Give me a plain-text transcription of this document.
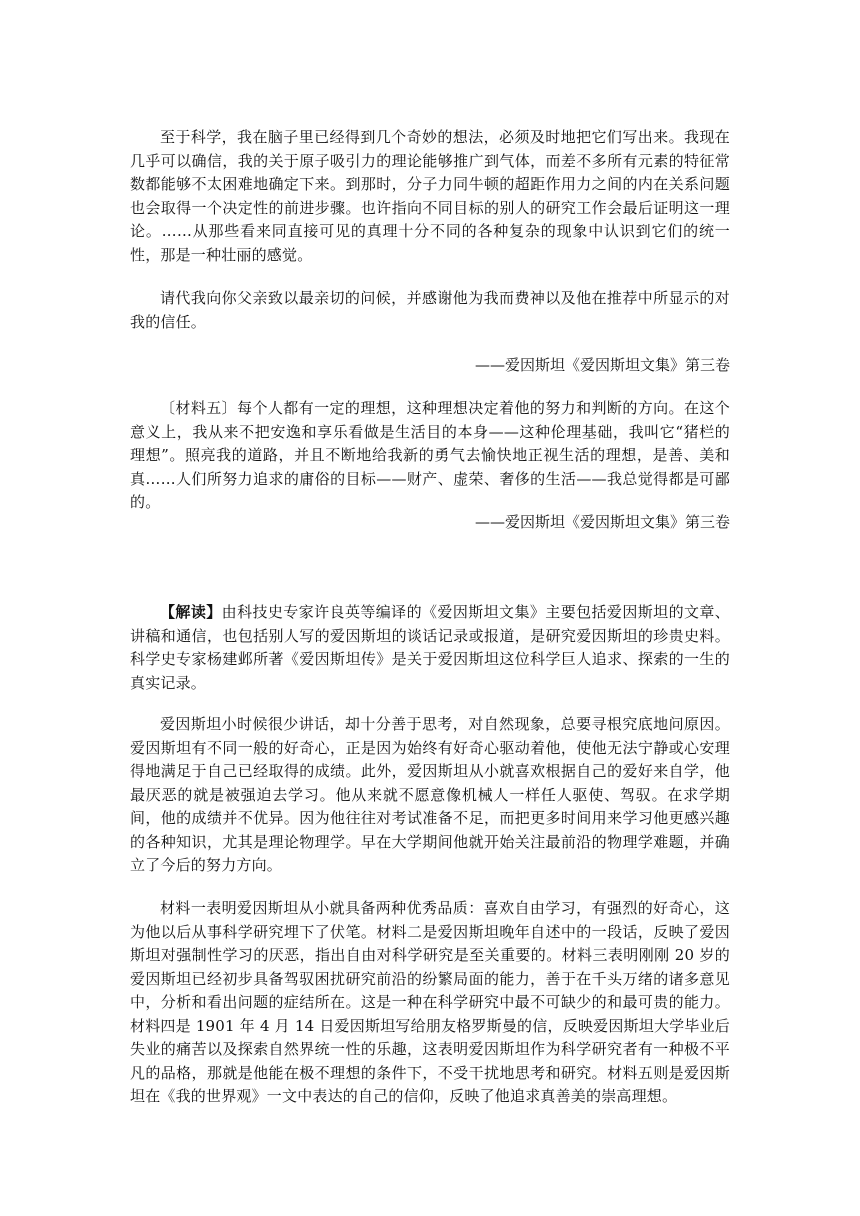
至于科学，我在脑子里已经得到几个奇妙的想法，必须及时地把它们写出来。我现在几乎可以确信，我的关于原子吸引力的理论能够推广到气体，而差不多所有元素的特征常数都能够不太困难地确定下来。到那时，分子力同牛顿的超距作用力之间的内在关系问题也会取得一个决定性的前进步骤。也许指向不同目标的别人的研究工作会最后证明这一理论。……从那些看来同直接可见的真理十分不同的各种复杂的现象中认识到它们的统一性，那是一种壮丽的感觉。

请代我向你父亲致以最亲切的问候，并感谢他为我而费神以及他在推荐中所显示的对我的信任。

——爱因斯坦《爱因斯坦文集》第三卷

〔材料五〕每个人都有一定的理想，这种理想决定着他的努力和判断的方向。在这个意义上，我从来不把安逸和享乐看做是生活目的本身——这种伦理基础，我叫它“猪栏的理想”。照亮我的道路，并且不断地给我新的勇气去愉快地正视生活的理想，是善、美和真……人们所努力追求的庸俗的目标——财产、虚荣、奢侈的生活——我总觉得都是可鄙的。

——爱因斯坦《爱因斯坦文集》第三卷

【解读】由科技史专家许良英等编译的《爱因斯坦文集》主要包括爱因斯坦的文章、讲稿和通信，也包括别人写的爱因斯坦的谈话记录或报道，是研究爱因斯坦的珍贵史料。科学史专家杨建邺所著《爱因斯坦传》是关于爱因斯坦这位科学巨人追求、探索的一生的真实记录。

爱因斯坦小时候很少讲话，却十分善于思考，对自然现象，总要寻根究底地问原因。爱因斯坦有不同一般的好奇心，正是因为始终有好奇心驱动着他，使他无法宁静或心安理得地满足于自己已经取得的成绩。此外，爱因斯坦从小就喜欢根据自己的爱好来自学，他最厌恶的就是被强迫去学习。他从来就不愿意像机械人一样任人驱使、驾驭。在求学期间，他的成绩并不优异。因为他往往对考试准备不足，而把更多时间用来学习他更感兴趣的各种知识，尤其是理论物理学。早在大学期间他就开始关注最前沿的物理学难题，并确立了今后的努力方向。

材料一表明爱因斯坦从小就具备两种优秀品质：喜欢自由学习，有强烈的好奇心，这为他以后从事科学研究埋下了伏笔。材料二是爱因斯坦晚年自述中的一段话，反映了爱因斯坦对强制性学习的厌恶，指出自由对科学研究是至关重要的。材料三表明刚刚 20 岁的爱因斯坦已经初步具备驾驭困扰研究前沿的纷繁局面的能力，善于在千头万绪的诸多意见中，分析和看出问题的症结所在。这是一种在科学研究中最不可缺少的和最可贵的能力。材料四是 1901 年 4 月 14 日爱因斯坦写给朋友格罗斯曼的信，反映爱因斯坦大学毕业后失业的痛苦以及探索自然界统一性的乐趣，这表明爱因斯坦作为科学研究者有一种极不平凡的品格，那就是他能在极不理想的条件下，不受干扰地思考和研究。材料五则是爱因斯坦在《我的世界观》一文中表达的自己的信仰，反映了他追求真善美的崇高理想。
